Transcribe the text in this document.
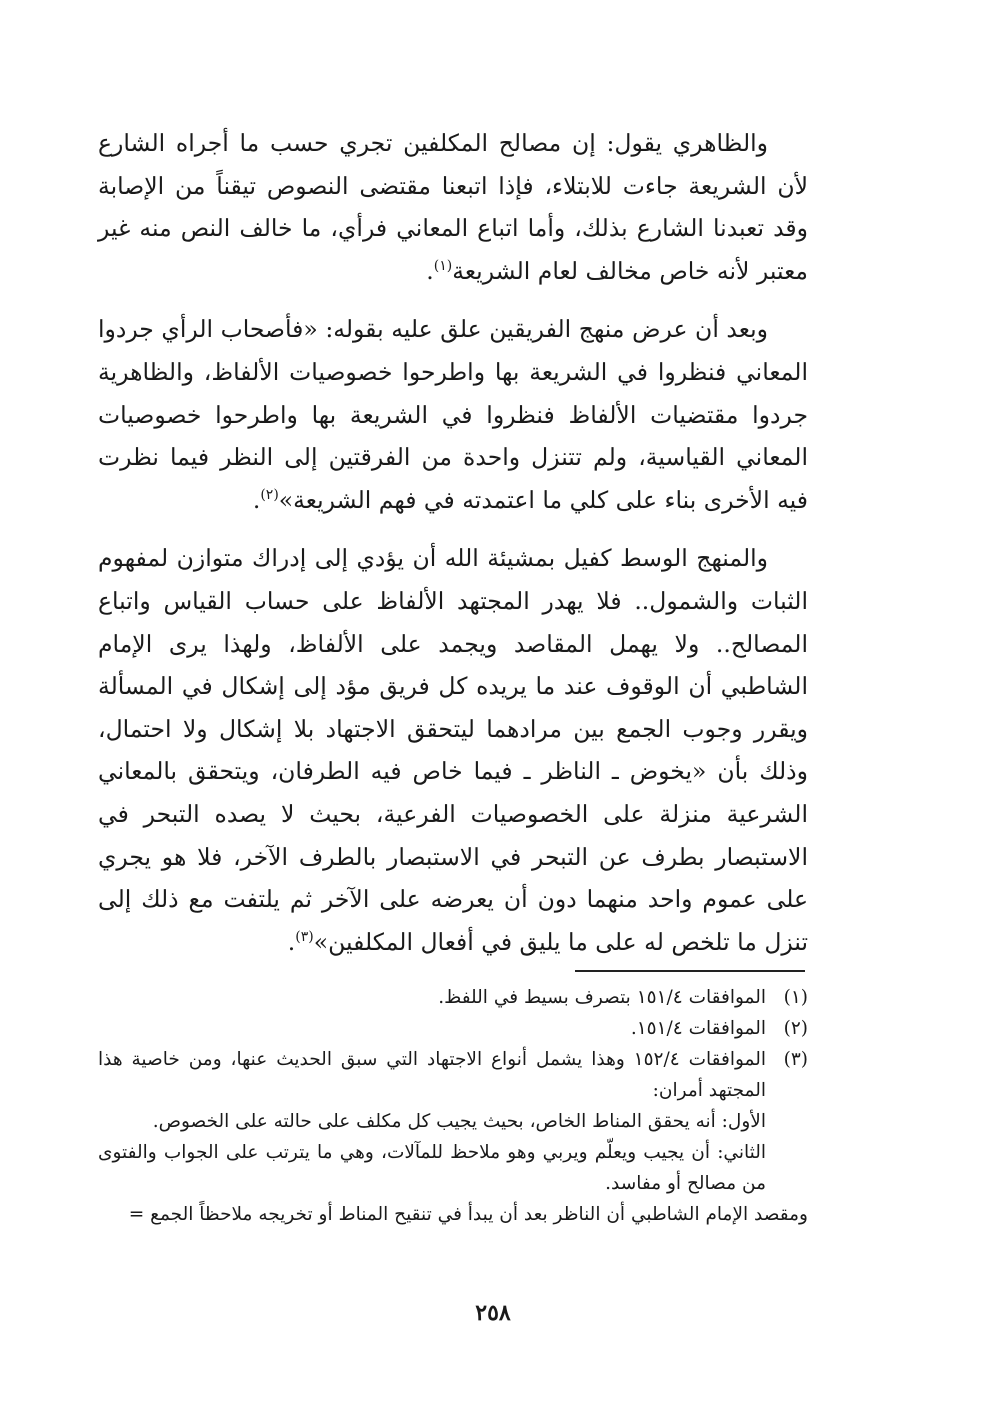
والظاهري يقول: إن مصالح المكلفين تجري حسب ما أجراه الشارع لأن الشريعة جاءت للابتلاء، فإذا اتبعنا مقتضى النصوص تيقناً من الإصابة وقد تعبدنا الشارع بذلك، وأما اتباع المعاني فرأي، ما خالف النص منه غير معتبر لأنه خاص مخالف لعام الشريعة$^{(١)}$.

وبعد أن عرض منهج الفريقين علق عليه بقوله: «فأصحاب الرأي جردوا المعاني فنظروا في الشريعة بها واطرحوا خصوصيات الألفاظ، والظاهرية جردوا مقتضيات الألفاظ فنظروا في الشريعة بها واطرحوا خصوصيات المعاني القياسية، ولم تتنزل واحدة من الفرقتين إلى النظر فيما نظرت فيه الأخرى بناء على كلي ما اعتمدته في فهم الشريعة»$^{(٢)}$.

والمنهج الوسط كفيل بمشيئة الله أن يؤدي إلى إدراك متوازن لمفهوم الثبات والشمول.. فلا يهدر المجتهد الألفاظ على حساب القياس واتباع المصالح.. ولا يهمل المقاصد ويجمد على الألفاظ، ولهذا يرى الإمام الشاطبي أن الوقوف عند ما يريده كل فريق مؤد إلى إشكال في المسألة ويقرر وجوب الجمع بين مرادهما ليتحقق الاجتهاد بلا إشكال ولا احتمال، وذلك بأن «يخوض ـ الناظر ـ فيما خاص فيه الطرفان، ويتحقق بالمعاني الشرعية منزلة على الخصوصيات الفرعية، بحيث لا يصده التبحر في الاستبصار بطرف عن التبحر في الاستبصار بالطرف الآخر، فلا هو يجري على عموم واحد منهما دون أن يعرضه على الآخر ثم يلتفت مع ذلك إلى تنزل ما تلخص له على ما يليق في أفعال المكلفين»$^{(٣)}$.

(١)
الموافقات ١٥١/٤ بتصرف بسيط في اللفظ.
(٢)
الموافقات ١٥١/٤.
(٣)
الموافقات ١٥٢/٤ وهذا يشمل أنواع الاجتهاد التي سبق الحديث عنها، ومن خاصية هذا المجتهد أمران:

الأول: أنه يحقق المناط الخاص، بحيث يجيب كل مكلف على حالته على الخصوص.

الثاني: أن يجيب ويعلّم ويربي وهو ملاحظ للمآلات، وهي ما يترتب على الجواب والفتوى من مصالح أو مفاسد.

ومقصد الإمام الشاطبي أن الناظر بعد أن يبدأ في تنقيح المناط أو تخريجه ملاحظاً الجمع =

٢٥٨
